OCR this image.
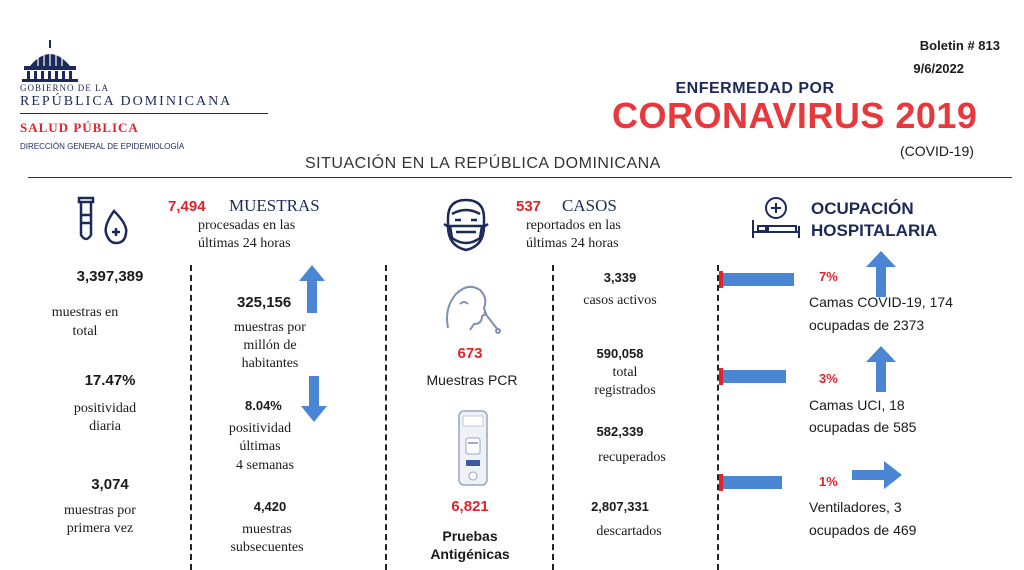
GOBIERNO DE LA
REPÚBLICA DOMINICANA
SALUD PÚBLICA
DIRECCIÓN GENERAL DE EPIDEMIOLOGÍA
Boletin # 813
9/6/2022
ENFERMEDAD POR
CORONAVIRUS 2019
(COVID-19)
SITUACIÓN EN LA REPÚBLICA DOMINICANA
7,494 MUESTRAS
procesadas en las
últimas 24 horas
3,397,389
muestras en
total
17.47%
positividad
diaria
3,074
muestras por
primera vez
325,156
muestras por
millón de
habitantes
8.04%
positividad
últimas
4 semanas
4,420
muestras
subsecuentes
537 CASOS
reportados en las
últimas 24 horas
673
Muestras PCR
6,821
Pruebas
Antigénicas
3,339
casos activos
590,058
total
registrados
582,339
recuperados
2,807,331
descartados
OCUPACIÓN
HOSPITALARIA
7%
Camas COVID-19, 174
ocupadas de 2373
3%
Camas UCI, 18
ocupadas de 585
1%
Ventiladores, 3
ocupados de 469
